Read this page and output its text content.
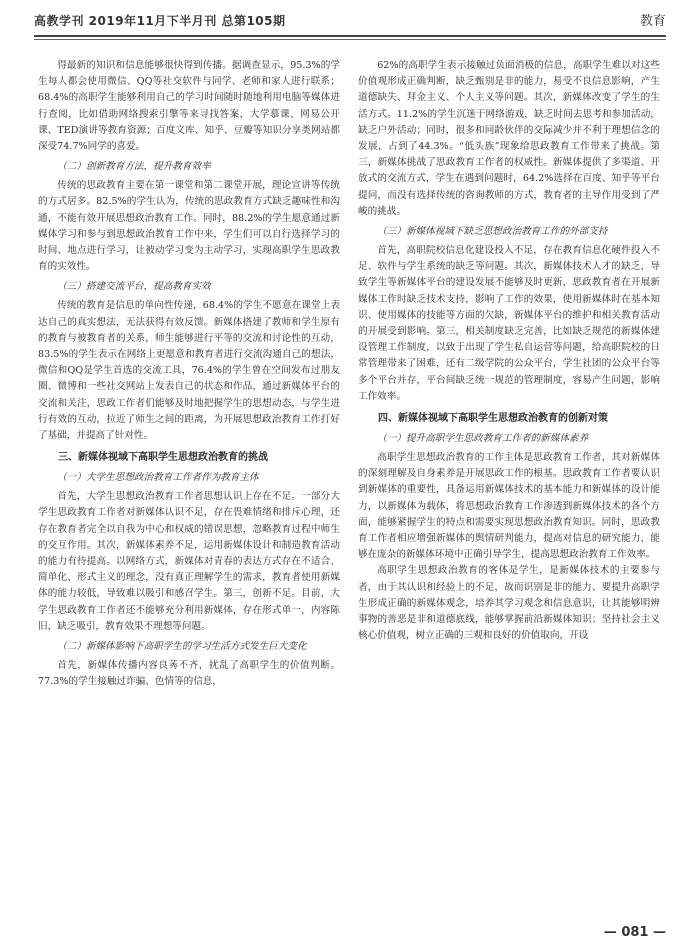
高教学刊 2019年11月下半月刊 总第105期	教育

得最新的知识和信息能够很快得到传播。据调查显示，95.3%的学生每人都会使用微信、QQ等社交软件与同学、老师和家人进行联系；68.4%的高职学生能够利用自己的学习时间随时随地利用电脑等媒体进行查阅，比如借助网络搜索引擎等来寻找答案，大学慕课、网易公开课、TED演讲等教育资源；百度文库、知乎、豆瓣等知识分享类网站都深受74.7%同学的喜爱。

（二）创新教育方法，提升教育效率

传统的思政教育主要在第一课堂和第二课堂开展，理论宣讲等传统的方式居多。82.5%的学生认为，传统的思政教育方式缺乏趣味性和沟通，不能有效开展思想政治教育工作。同时，88.2%的学生愿意通过新媒体学习和参与到思想政治教育工作中来，学生们可以自行选择学习的时间、地点进行学习，让被动学习变为主动学习，实现高职学生思政教育的实效性。

（三）搭建交流平台，提高教育实效

传统的教育是信息的单向性传递，68.4%的学生不愿意在课堂上表达自己的真实想法，无法获得有效反馈。新媒体搭建了教师和学生原有的教育与被教育者的关系，师生能够进行平等的交流和讨论性的互动，83.5%的学生表示在网络上更愿意和教育者进行交流沟通自己的想法，微信和QQ是学生首选的交流工具，76.4%的学生曾在空间发布过朋友圈、微博和一些社交网站上发表自己的状态和作品，通过新媒体平台的交流和关注，思政工作者们能够及时地把握学生的思想动态，与学生进行有效的互动，拉近了师生之间的距离，为开展思想政治教育工作打好了基础，并提高了针对性。

三、新媒体视域下高职学生思想政治教育的挑战
（一）大学生思想政治教育工作者作为教育主体

首先，大学生思想政治教育工作者思想认识上存在不足。一部分大学生思政教育工作者对新媒体认识不足，存在畏难情绪和排斥心理，还存在教育者完全以自我为中心和权威的错误思想，忽略教育过程中师生的交互作用。其次，新媒体素养不足，运用新媒体设计和制造教育活动的能力有待提高。以网络方式，新媒体对青春的表达方式存在不适合、简单化、形式主义的理念，没有真正理解学生的需求，教育者使用新媒体的能力较低，导致难以吸引和感召学生。第三，创新不足。目前，大学生思政教育工作者还不能够充分利用新媒体，存在形式单一，内容陈旧，缺乏吸引，教育效果不理想等问题。

（二）新媒体影响下高职学生的学习生活方式发生巨大变化

首先，新媒体传播内容良莠不齐，扰乱了高职学生的价值判断。77.3%的学生接触过诈骗、色情等的信息，

62%的高职学生表示接触过负面消极的信息，高职学生难以对这些价值观形成正确判断，缺乏甄别是非的能力，易受不良信息影响，产生道德缺失、拜金主义、个人主义等问题。其次，新媒体改变了学生的生活方式。11.2%的学生沉迷于网络游戏，缺乏时间去思考和参加活动，缺乏户外活动；同时，很多和同龄伙伴的交际减少并不利于理想信念的发展，占到了44.3%。“低头族”现象给思政教育工作带来了挑战。第三，新媒体挑战了思政教育工作者的权威性。新媒体提供了多渠道、开放式的交流方式，学生在遇到问题时，64.2%选择在百度、知乎等平台提问，而没有选择传统的咨询教师的方式，教育者的主导作用受到了严峻的挑战。

（三）新媒体视域下缺乏思想政治教育工作的外部支持

首先，高职院校信息化建设投入不足，存在教育信息化硬件投入不足、软件与学生系统的缺乏等问题。其次，新媒体技术人才的缺乏，导致学生等新媒体平台的建设发展不能够及时更新，思政教育者在开展新媒体工作时缺乏技术支持，影响了工作的效果，使用新媒体时在基本知识、使用媒体的技能等方面的欠缺，新媒体平台的维护和相关教育活动的开展受到影响。第三，相关制度缺乏完善，比如缺乏规范的新媒体建设管理工作制度，以致于出现了学生私自运营等问题，给高职院校的日常管理带来了困难，还有二级学院的公众平台，学生社团的公众平台等多个平台并存，平台间缺乏统一规范的管理制度，容易产生问题，影响工作效率。

四、新媒体视域下高职学生思想政治教育的创新对策
（一）提升高职学生思政教育工作者的新媒体素养

高职学生思想政治教育的工作主体是思政教育工作者，其对新媒体的深刻理解及自身素养是开展思政工作的根基。思政教育工作者要认识到新媒体的重要性，具备运用新媒体技术的基本能力和新媒体的设计能力，以新媒体为载体，将思想政治教育工作渗透到新媒体技术的各个方面，能够紧握学生的特点和需要实现思想政治教育知识。同时，思政教育工作者相应增强新媒体的舆情研判能力，提高对信息的研究能力，能够在庞杂的新媒体环境中正确引导学生，提高思想政治教育工作效率。

高职学生思想政治教育的客体是学生，是新媒体技术的主要参与者，由于其认识和经验上的不足，故而识别是非的能力、要提升高职学生形成正确的新媒体观念，培养其学习观念和信息意识，让其能够明辨事物的善恶是非和道德底线，能够掌握前沿新媒体知识；坚持社会主义核心价值观，树立正确的三观和良好的价值取向，开设

— 081 —
